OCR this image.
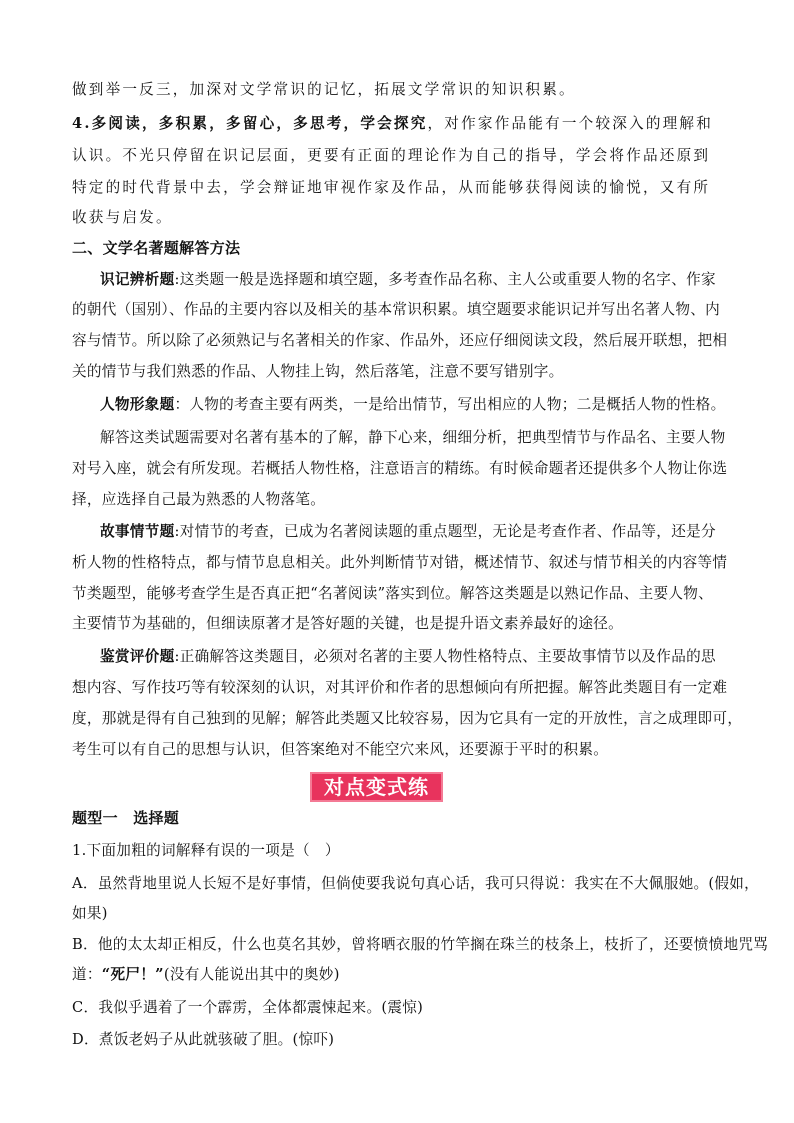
做到举一反三，加深对文学常识的记忆，拓展文学常识的知识积累。
4.多阅读，多积累，多留心，多思考，学会探究，对作家作品能有一个较深入的理解和
认识。不光只停留在识记层面，更要有正面的理论作为自己的指导，学会将作品还原到
特定的时代背景中去，学会辩证地审视作家及作品，从而能够获得阅读的愉悦，又有所
收获与启发。
二、文学名著题解答方法
识记辨析题:这类题一般是选择题和填空题，多考查作品名称、主人公或重要人物的名字、作家
的朝代（国别）、作品的主要内容以及相关的基本常识积累。填空题要求能识记并写出名著人物、内
容与情节。所以除了必须熟记与名著相关的作家、作品外，还应仔细阅读文段，然后展开联想，把相
关的情节与我们熟悉的作品、人物挂上钩，然后落笔，注意不要写错别字。
人物形象题：人物的考查主要有两类，一是给出情节，写出相应的人物；二是概括人物的性格。
解答这类试题需要对名著有基本的了解，静下心来，细细分析，把典型情节与作品名、主要人物
对号入座，就会有所发现。若概括人物性格，注意语言的精练。有时候命题者还提供多个人物让你选
择，应选择自己最为熟悉的人物落笔。
故事情节题:对情节的考查，已成为名著阅读题的重点题型，无论是考查作者、作品等，还是分
析人物的性格特点，都与情节息息相关。此外判断情节对错，概述情节、叙述与情节相关的内容等情
节类题型，能够考查学生是否真正把“名著阅读”落实到位。解答这类题是以熟记作品、主要人物、
主要情节为基础的，但细读原著才是答好题的关键，也是提升语文素养最好的途径。
鉴赏评价题:正确解答这类题目，必须对名著的主要人物性格特点、主要故事情节以及作品的思
想内容、写作技巧等有较深刻的认识，对其评价和作者的思想倾向有所把握。解答此类题目有一定难
度，那就是得有自己独到的见解；解答此类题又比较容易，因为它具有一定的开放性，言之成理即可，
考生可以有自己的思想与认识，但答案绝对不能空穴来风，还要源于平时的积累。
对点变式练
题型一　选择题
1.下面加粗的词解释有误的一项是（　）
A．虽然背地里说人长短不是好事情，但倘使要我说句真心话，我可只得说：我实在不大佩服她。(假如，
如果)
B．他的太太却正相反，什么也莫名其妙，曾将晒衣服的竹竿搁在珠兰的枝条上，枝折了，还要愤愤地咒骂
道：“死尸！”(没有人能说出其中的奥妙)
C．我似乎遇着了一个霹雳，全体都震悚起来。(震惊)
D．煮饭老妈子从此就骇破了胆。(惊吓)
